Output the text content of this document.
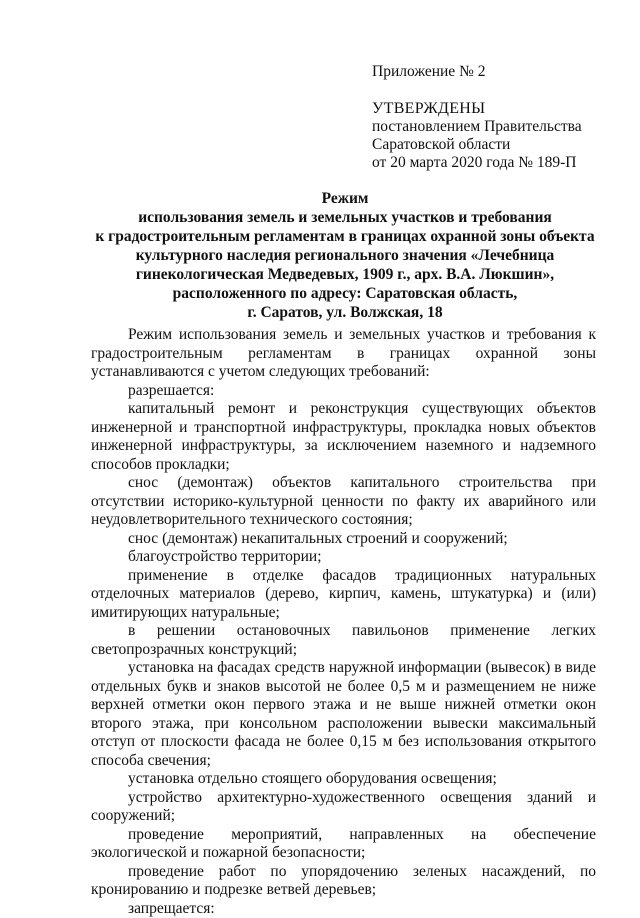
Приложение № 2
УТВЕРЖДЕНЫ
постановлением Правительства
Саратовской области
от 20 марта 2020 года № 189-П
Режим
использования земель и земельных участков и требования
к градостроительным регламентам в границах охранной зоны объекта
культурного наследия регионального значения «Лечебница
гинекологическая Медведевых, 1909 г., арх. В.А. Люкшин»,
расположенного по адресу: Саратовская область,
г. Саратов, ул. Волжская, 18

Режим использования земель и земельных участков и требования к градостроительным регламентам в границах охранной зоны устанавливаются с учетом следующих требований:

разрешается:

капитальный ремонт и реконструкция существующих объектов инженерной и транспортной инфраструктуры, прокладка новых объектов инженерной инфраструктуры, за исключением наземного и надземного способов прокладки;

снос (демонтаж) объектов капитального строительства при отсутствии историко-культурной ценности по факту их аварийного или неудовлетворительного технического состояния;

снос (демонтаж) некапитальных строений и сооружений;

благоустройство территории;

применение в отделке фасадов традиционных натуральных отделочных материалов (дерево, кирпич, камень, штукатурка) и (или) имитирующих натуральные;

в решении остановочных павильонов применение легких светопрозрачных конструкций;

установка на фасадах средств наружной информации (вывесок) в виде отдельных букв и знаков высотой не более 0,5 м и размещением не ниже верхней отметки окон первого этажа и не выше нижней отметки окон второго этажа, при консольном расположении вывески максимальный отступ от плоскости фасада не более 0,15 м без использования открытого способа свечения;

установка отдельно стоящего оборудования освещения;

устройство архитектурно-художественного освещения зданий и сооружений;

проведение мероприятий, направленных на обеспечение экологической и пожарной безопасности;

проведение работ по упорядочению зеленых насаждений, по кронированию и подрезке ветвей деревьев;

запрещается:
